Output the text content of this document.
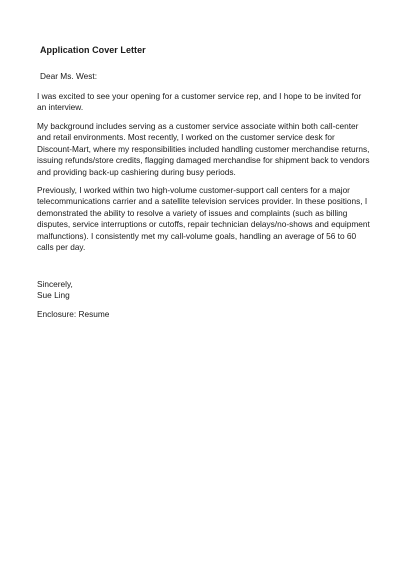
Application Cover Letter
Dear Ms. West:
I was excited to see your opening for a customer service rep, and I hope to be invited for
an interview.
My background includes serving as a customer service associate within both call-center
and retail environments. Most recently, I worked on the customer service desk for
Discount-Mart, where my responsibilities included handling customer merchandise returns,
issuing refunds/store credits, flagging damaged merchandise for shipment back to vendors
and providing back-up cashiering during busy periods.
Previously, I worked within two high-volume customer-support call centers for a major
telecommunications carrier and a satellite television services provider. In these positions, I
demonstrated the ability to resolve a variety of issues and complaints (such as billing
disputes, service interruptions or cutoffs, repair technician delays/no-shows and equipment
malfunctions). I consistently met my call-volume goals, handling an average of 56 to 60
calls per day.
Sincerely,
Sue Ling
Enclosure: Resume
